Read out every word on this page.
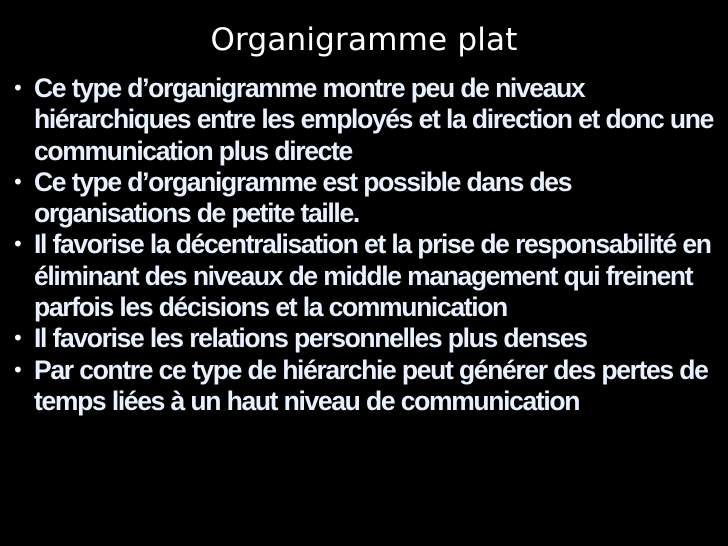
Organigramme plat
• Ce type d’organigramme montre peu de niveaux hiérarchiques entre les employés et la direction et donc une communication plus directe
• Ce type d’organigramme est possible dans des organisations de petite taille.
• Il favorise la décentralisation et la prise de responsabilité en éliminant des niveaux de middle management qui freinent parfois les décisions et la communication
• Il favorise les relations personnelles plus denses
• Par contre ce type de hiérarchie peut générer des pertes de temps liées à un haut niveau de communication
